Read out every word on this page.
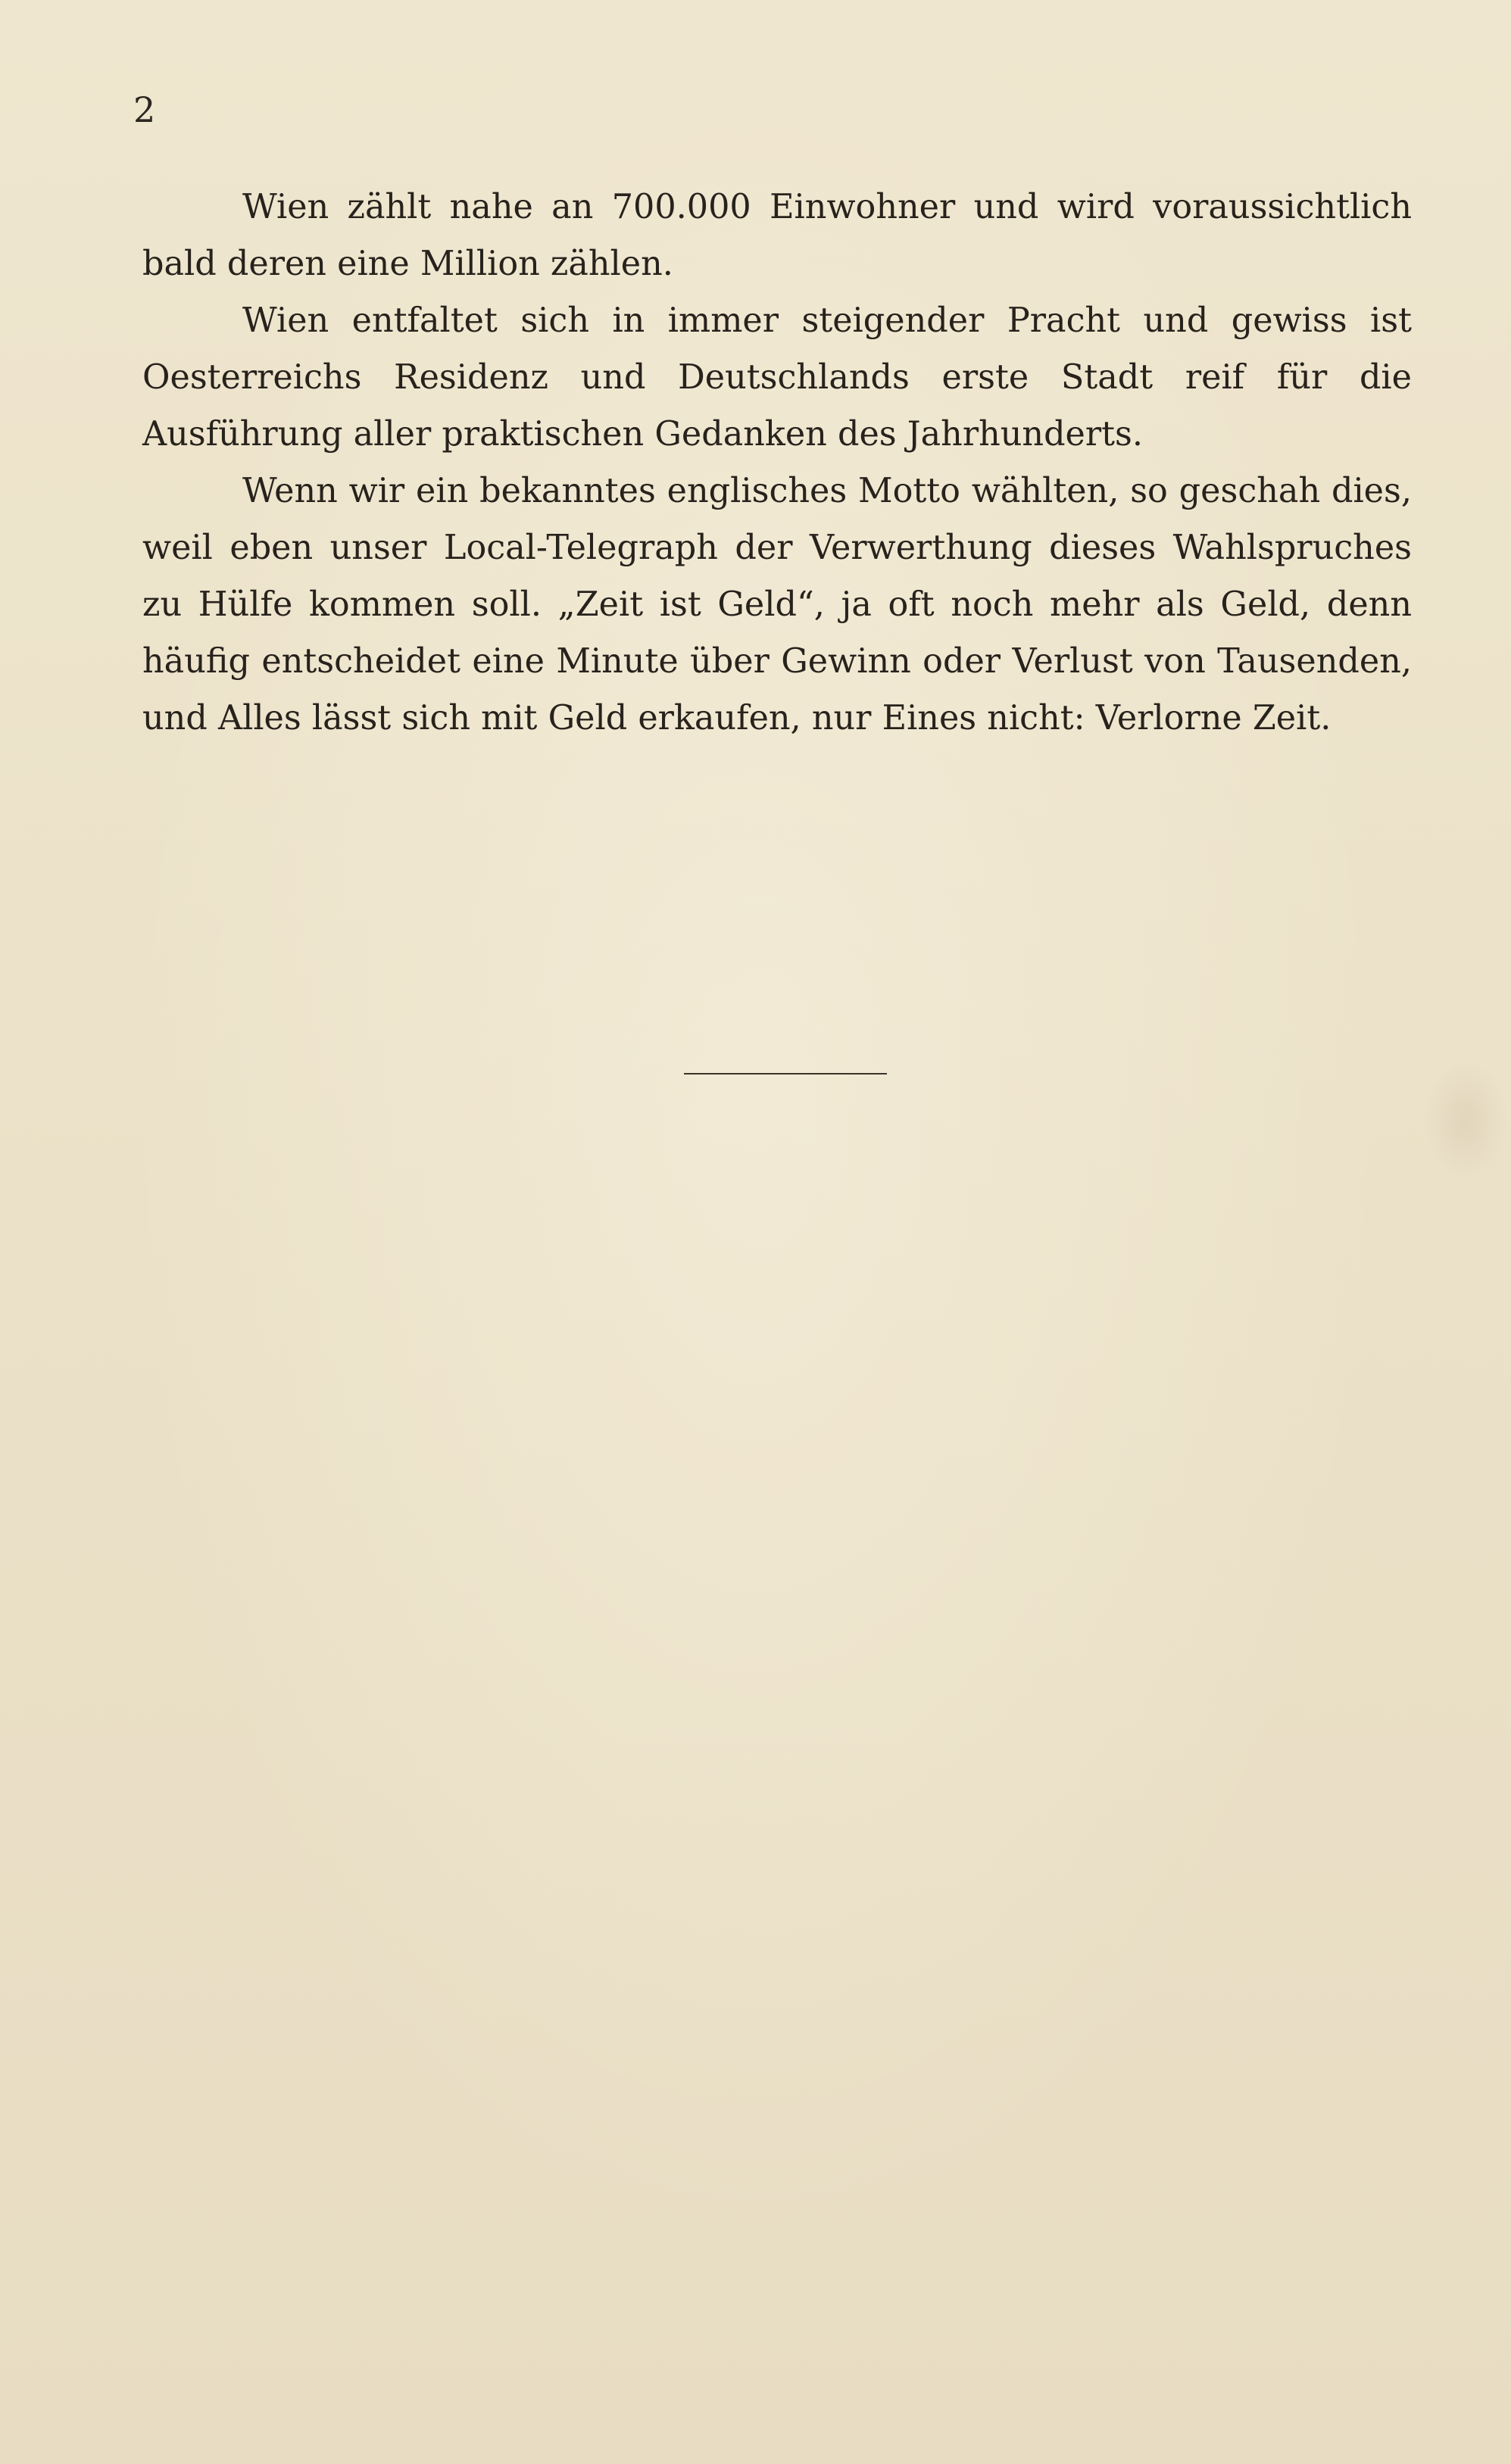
2

Wien zählt nahe an 700.000 Einwohner und wird voraussichtlich bald deren eine Million zählen.

Wien entfaltet sich in immer steigender Pracht und gewiss ist Oesterreichs Residenz und Deutschlands erste Stadt reif für die Ausführung aller praktischen Gedanken des Jahrhunderts.

Wenn wir ein bekanntes englisches Motto wählten, so geschah dies, weil eben unser Local-Telegraph der Verwerthung dieses Wahlspruches zu Hülfe kommen soll. „Zeit ist Geld“, ja oft noch mehr als Geld, denn häufig entscheidet eine Minute über Gewinn oder Verlust von Tausenden, und Alles lässt sich mit Geld erkaufen, nur Eines nicht: Verlorne Zeit.
